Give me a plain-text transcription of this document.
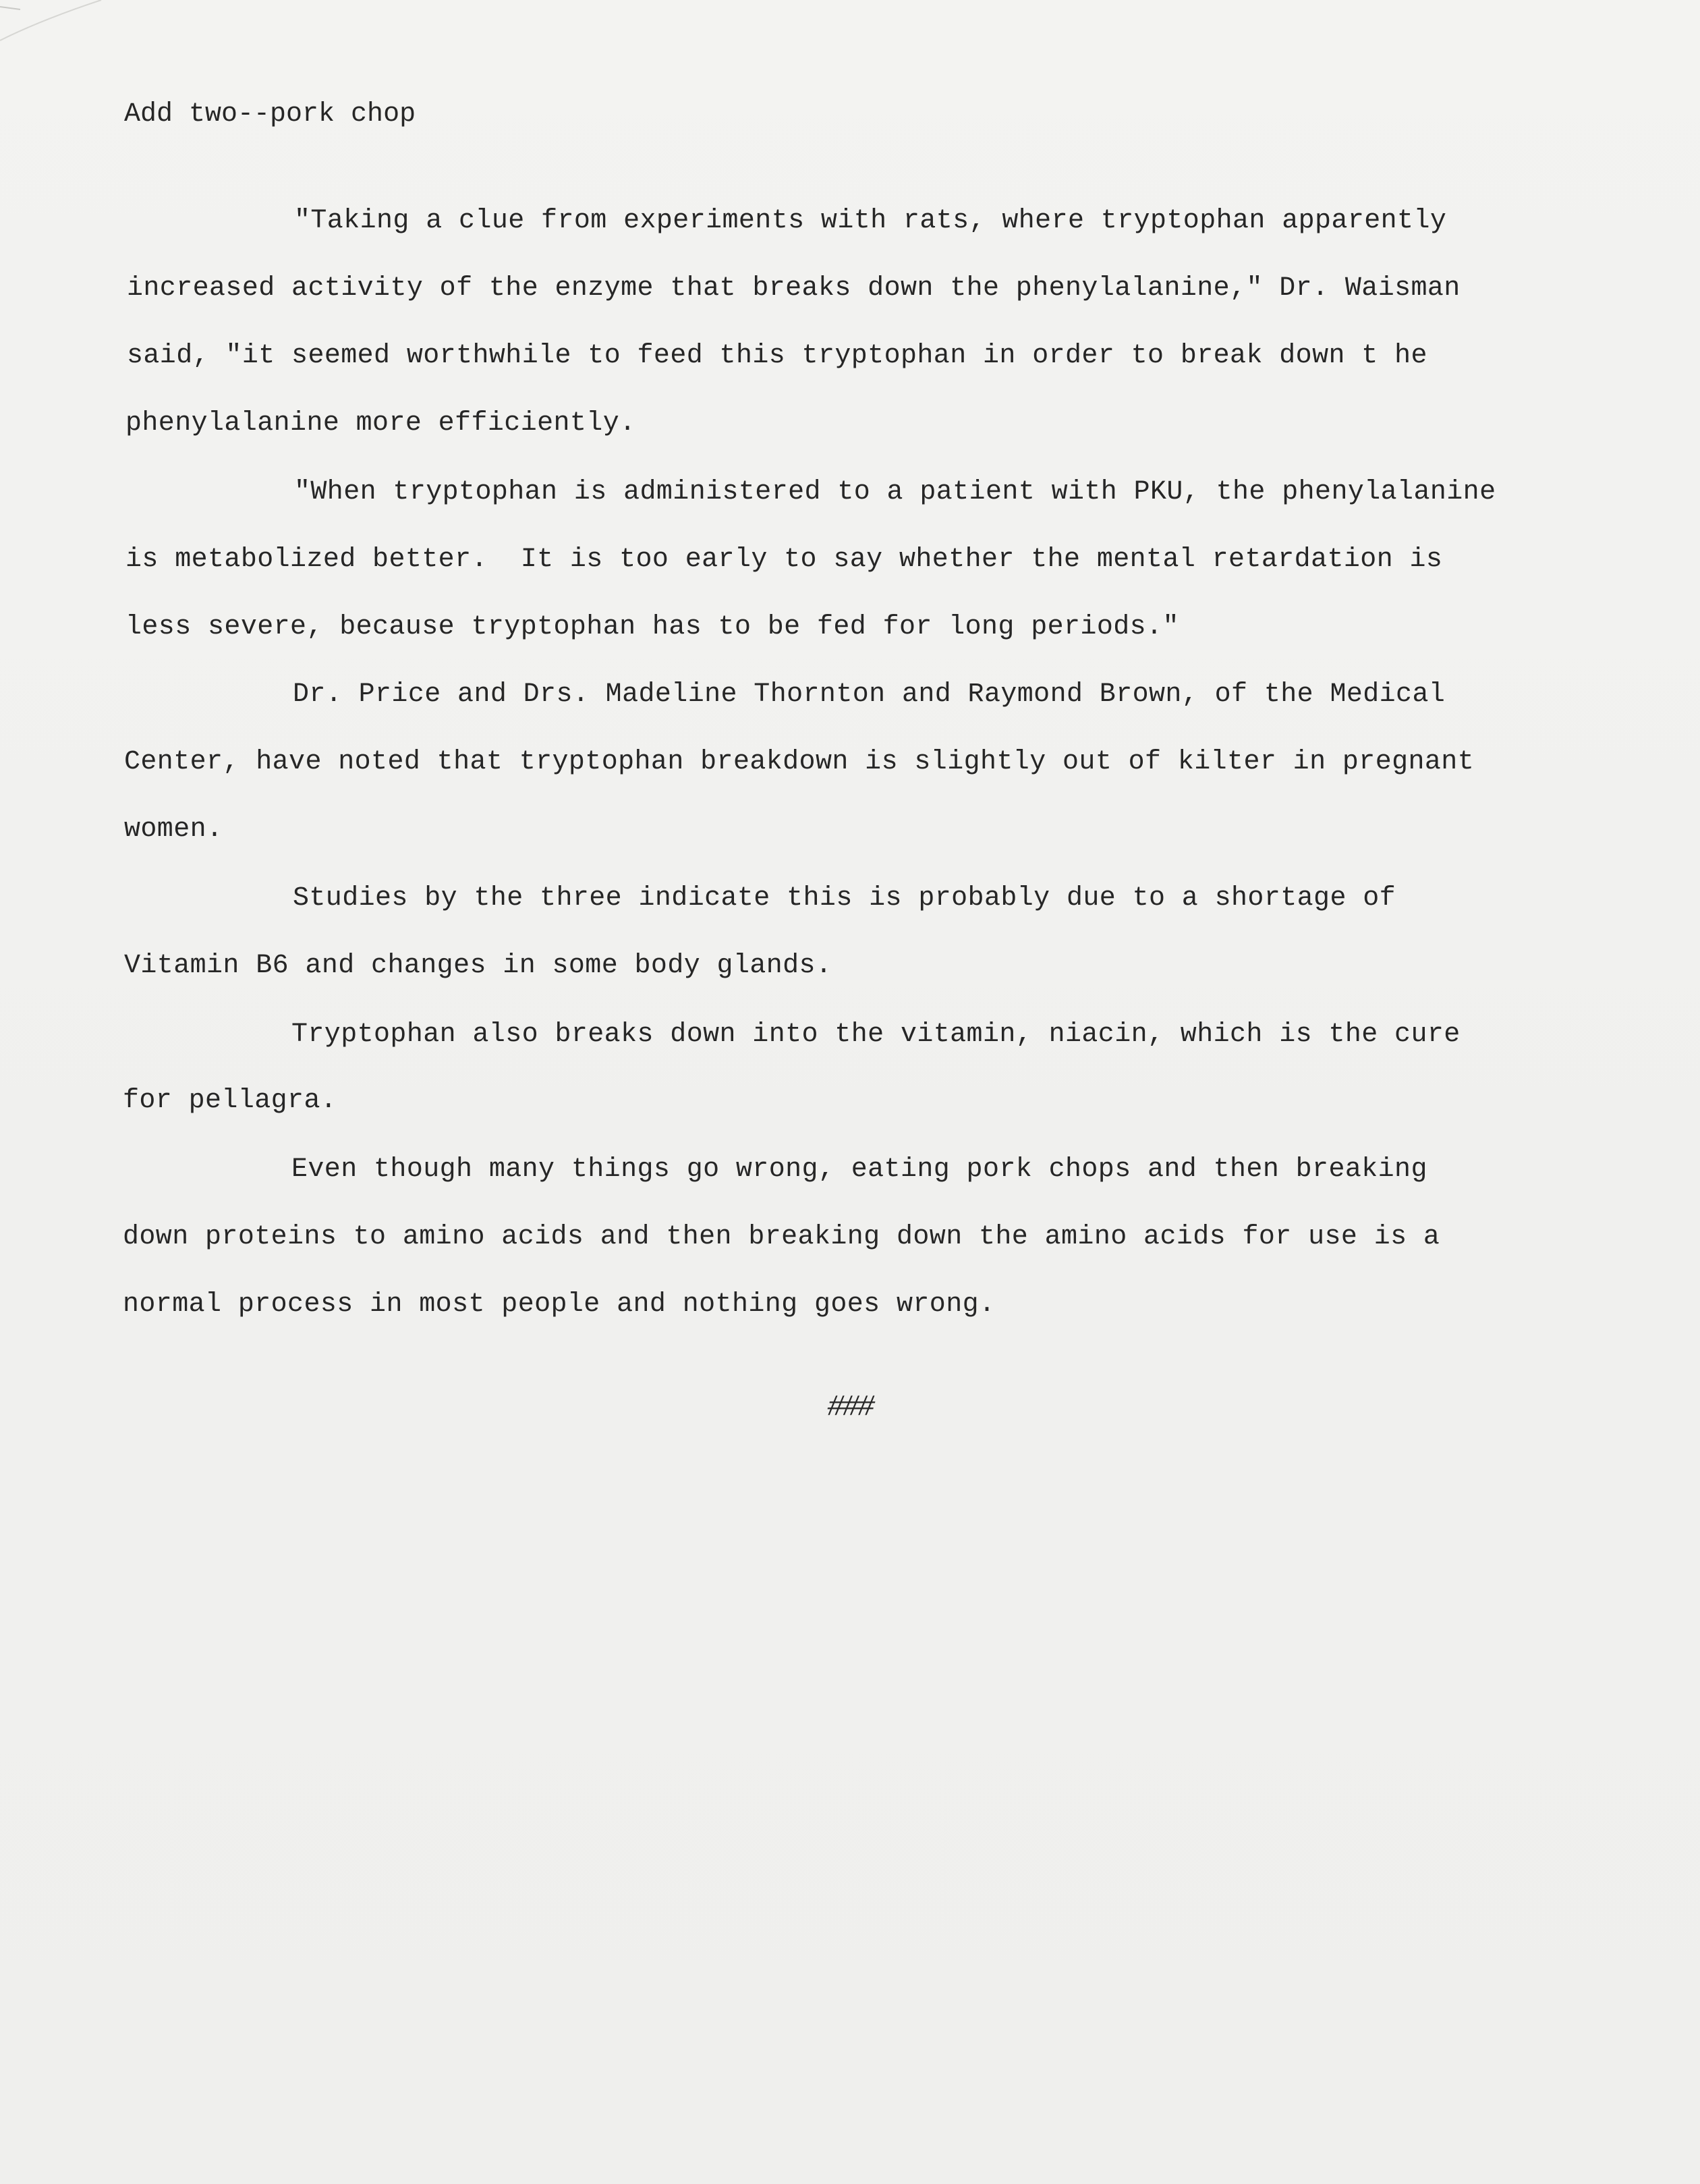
Add two--pork chop
"Taking a clue from experiments with rats, where tryptophan apparently
increased activity of the enzyme that breaks down the phenylalanine," Dr. Waisman
said, "it seemed worthwhile to feed this tryptophan in order to break down t he
phenylalanine more efficiently.
"When tryptophan is administered to a patient with PKU, the phenylalanine
is metabolized better.  It is too early to say whether the mental retardation is
less severe, because tryptophan has to be fed for long periods."
Dr. Price and Drs. Madeline Thornton and Raymond Brown, of the Medical
Center, have noted that tryptophan breakdown is slightly out of kilter in pregnant
women.
Studies by the three indicate this is probably due to a shortage of
Vitamin B6 and changes in some body glands.
Tryptophan also breaks down into the vitamin, niacin, which is the cure
for pellagra.
Even though many things go wrong, eating pork chops and then breaking
down proteins to amino acids and then breaking down the amino acids for use is a
normal process in most people and nothing goes wrong.
###
